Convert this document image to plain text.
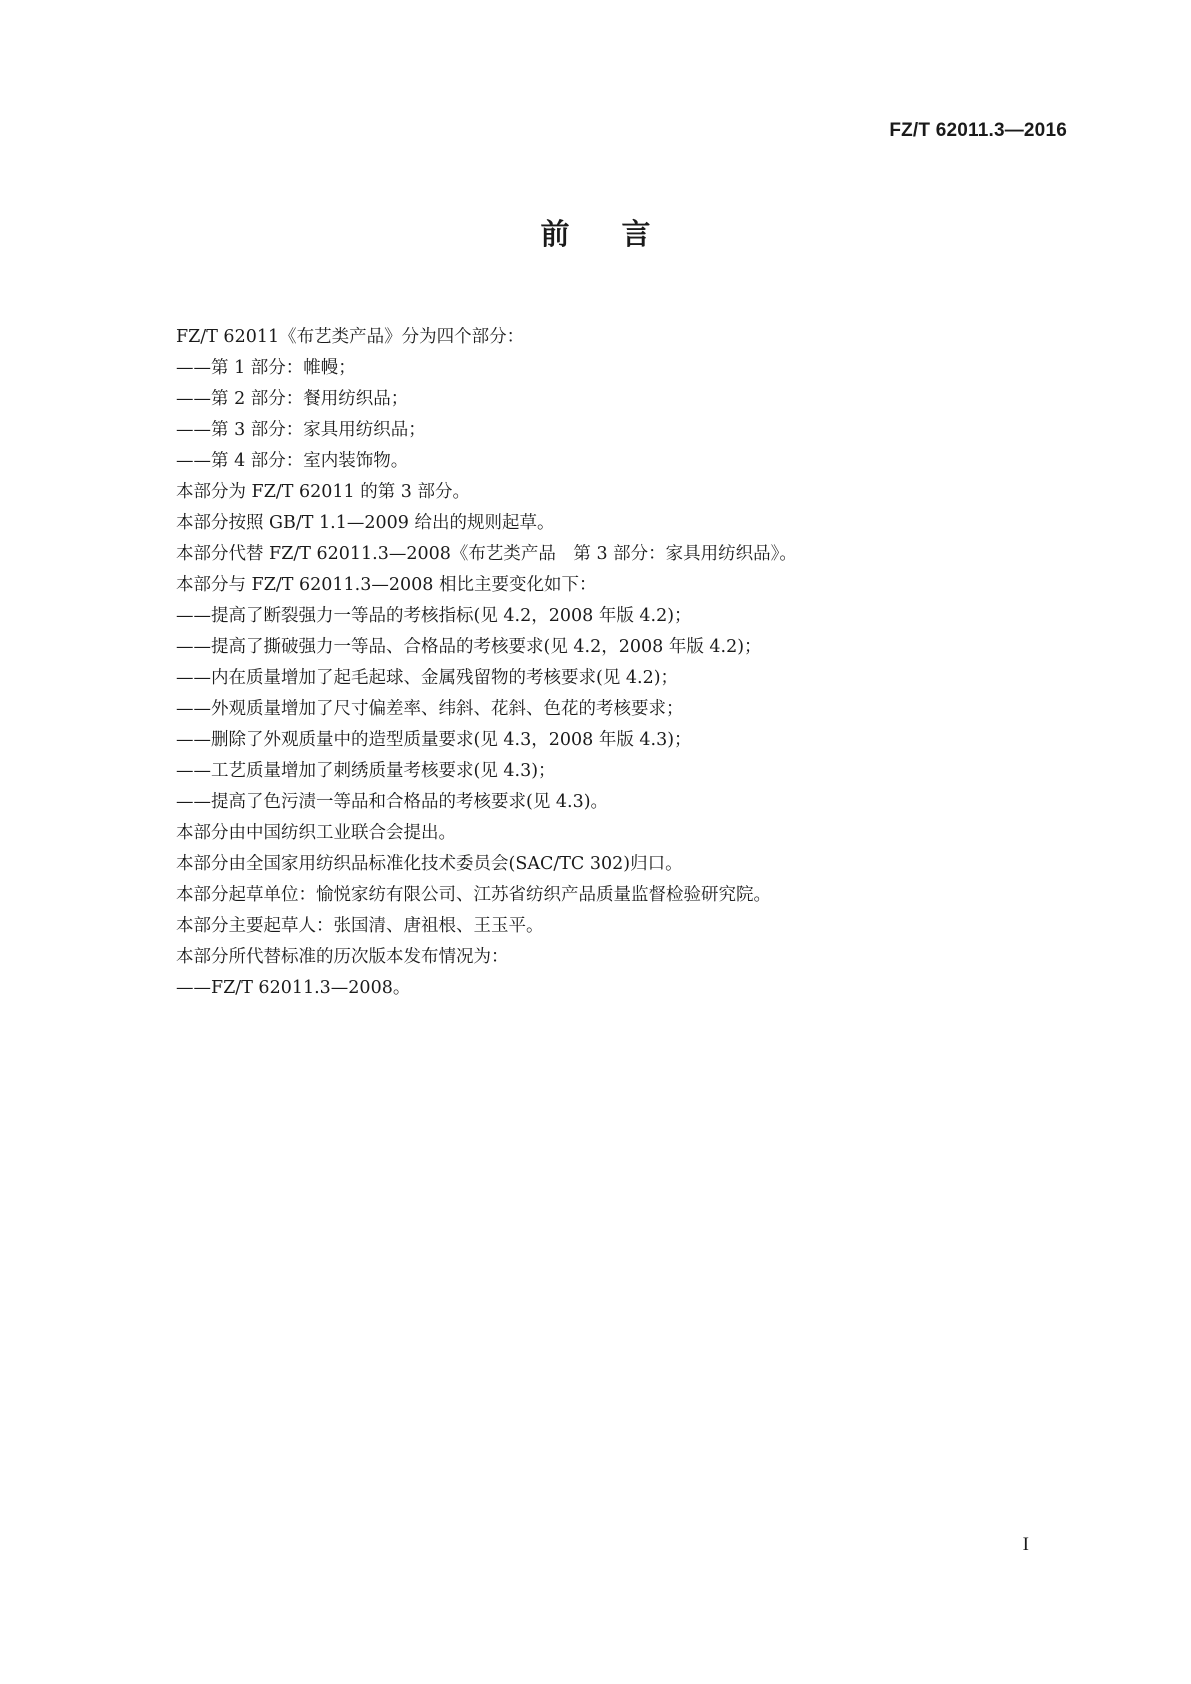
FZ/T 62011.3—2016
前言

FZ/T 62011《布艺类产品》分为四个部分：

——第 1 部分：帷幔；

——第 2 部分：餐用纺织品；

——第 3 部分：家具用纺织品；

——第 4 部分：室内装饰物。

本部分为 FZ/T 62011 的第 3 部分。

本部分按照 GB/T 1.1—2009 给出的规则起草。

本部分代替 FZ/T 62011.3—2008《布艺类产品　第 3 部分：家具用纺织品》。

本部分与 FZ/T 62011.3—2008 相比主要变化如下：

——提高了断裂强力一等品的考核指标(见 4.2，2008 年版 4.2)；

——提高了撕破强力一等品、合格品的考核要求(见 4.2，2008 年版 4.2)；

——内在质量增加了起毛起球、金属残留物的考核要求(见 4.2)；

——外观质量增加了尺寸偏差率、纬斜、花斜、色花的考核要求；

——删除了外观质量中的造型质量要求(见 4.3，2008 年版 4.3)；

——工艺质量增加了刺绣质量考核要求(见 4.3)；

——提高了色污渍一等品和合格品的考核要求(见 4.3)。

本部分由中国纺织工业联合会提出。

本部分由全国家用纺织品标准化技术委员会(SAC/TC 302)归口。

本部分起草单位：愉悦家纺有限公司、江苏省纺织产品质量监督检验研究院。

本部分主要起草人：张国清、唐祖根、王玉平。

本部分所代替标准的历次版本发布情况为：

——FZ/T 62011.3—2008。

I
